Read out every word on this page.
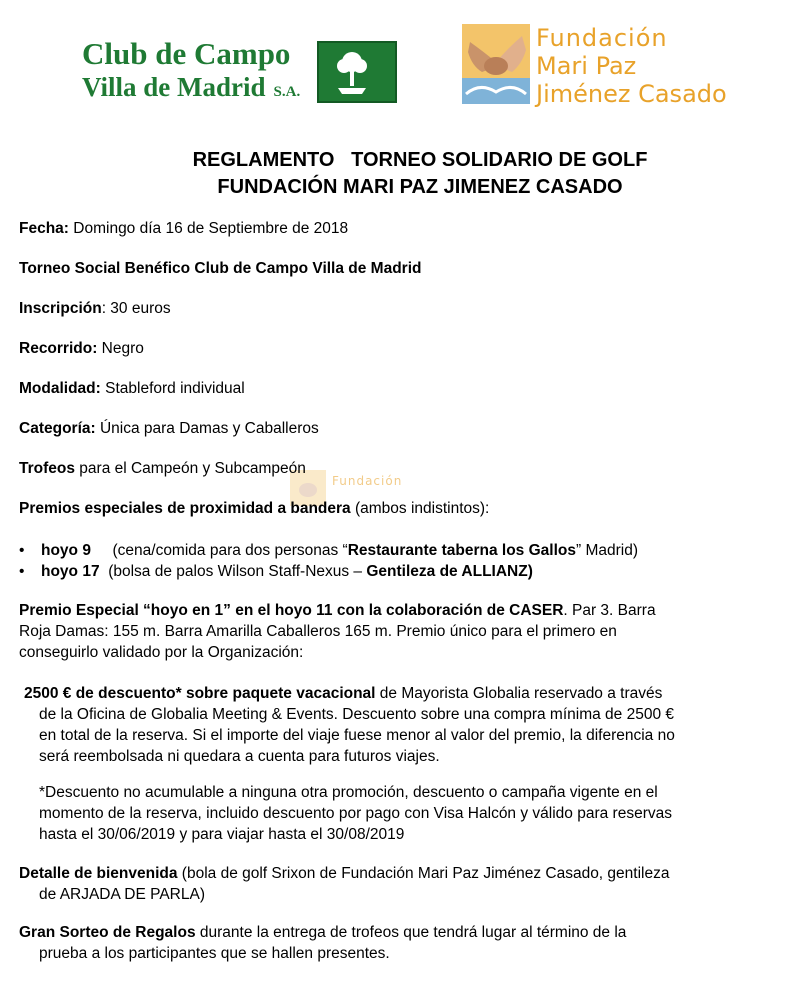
Club de Campo
Villa de Madrid S.A.
Fundación
Mari Paz
Jiménez Casado
REGLAMENTO   TORNEO SOLIDARIO DE GOLF
FUNDACIÓN MARI PAZ JIMENEZ CASADO
Fundación
Fecha: Domingo día 16 de Septiembre de 2018
Torneo Social Benéfico Club de Campo Villa de Madrid
Inscripción: 30 euros
Recorrido: Negro
Modalidad: Stableford individual
Categoría: Única para Damas y Caballeros
Trofeos para el Campeón y Subcampeón
Premios especiales de proximidad a bandera (ambos indistintos):
• hoyo 9     (cena/comida para dos personas “Restaurante taberna los Gallos” Madrid)
• hoyo 17  (bolsa de palos Wilson Staff-Nexus – Gentileza de ALLIANZ)
Premio Especial “hoyo en 1” en el hoyo 11 con la colaboración de CASER. Par 3. Barra
Roja Damas: 155 m. Barra Amarilla Caballeros 165 m. Premio único para el primero en
conseguirlo validado por la Organización:
2500 € de descuento* sobre paquete vacacional de Mayorista Globalia reservado a través
de la Oficina de Globalia Meeting & Events. Descuento sobre una compra mínima de 2500 €
en total de la reserva. Si el importe del viaje fuese menor al valor del premio, la diferencia no
será reembolsada ni quedara a cuenta para futuros viajes.
*Descuento no acumulable a ninguna otra promoción, descuento o campaña vigente en el
momento de la reserva, incluido descuento por pago con Visa Halcón y válido para reservas
hasta el 30/06/2019 y para viajar hasta el 30/08/2019
Detalle de bienvenida (bola de golf Srixon de Fundación Mari Paz Jiménez Casado, gentileza
de ARJADA DE PARLA)
Gran Sorteo de Regalos durante la entrega de trofeos que tendrá lugar al término de la
prueba a los participantes que se hallen presentes.
